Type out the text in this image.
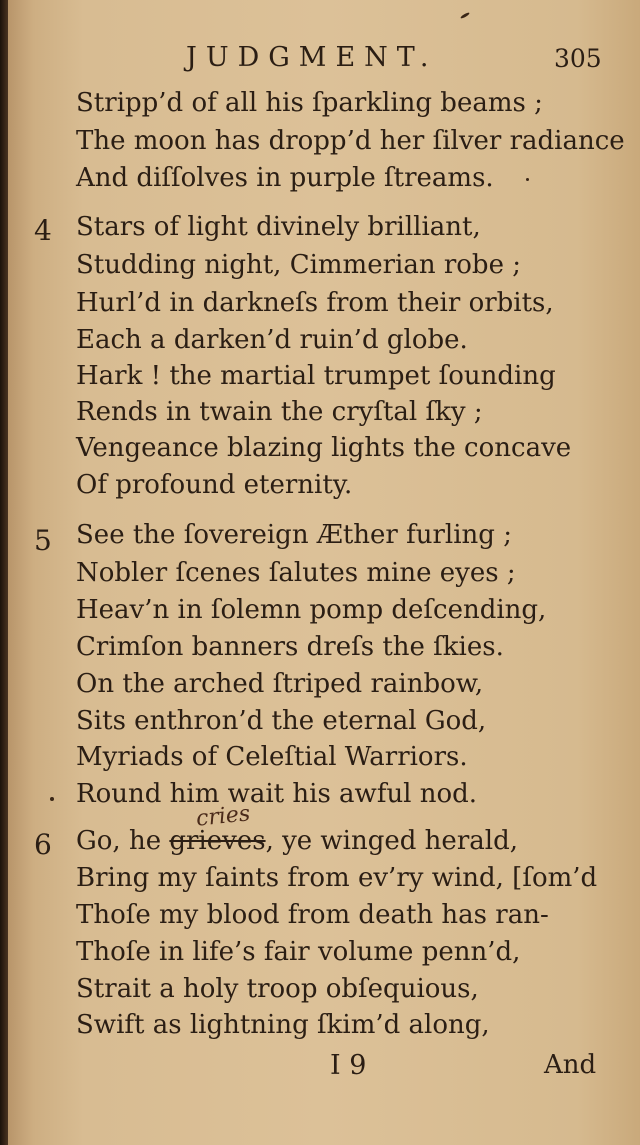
JUDGMENT.	305
Stripp’d of all his ſparkling beams ;
The moon has dropp’d her ſilver radiance
And diſſolves in purple ſtreams.
4 Stars of light divinely brilliant,
Studding night, Cimmerian robe ;
Hurl’d in darkneſs from their orbits,
Each a darken’d ruin’d globe.
Hark ! the martial trumpet ſounding
Rends in twain the cryſtal ſky ;
Vengeance blazing lights the concave
Of profound eternity.
5 See the ſovereign Æther furling ;
Nobler ſcenes ſalutes mine eyes ;
Heav’n in ſolemn pomp deſcending,
Crimſon banners dreſs the ſkies.
On the arched ſtriped rainbow,
Sits enthron’d the eternal God,
Myriads of Celeſtial Warriors.
Round him wait his awful nod.
6
cries
Go, he grieves, ye winged herald,
Bring my ſaints from ev’ry wind, [ſom’d
Thoſe my blood from death has ran-
Thoſe in life’s fair volume penn’d,
Strait a holy troop obſequious,
Swift as lightning ſkim’d along,
I 9	And
